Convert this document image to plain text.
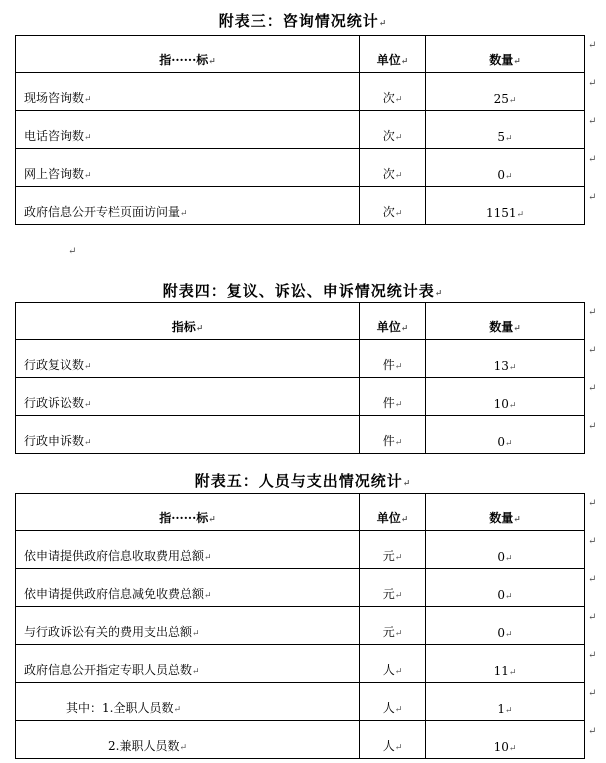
附表三：咨询情况统计↵
指······标↵	单位↵	数量↵
现场咨询数↵	次↵	25↵
电话咨询数↵	次↵	5↵
网上咨询数↵	次↵	0↵
政府信息公开专栏页面访问量↵	次↵	1151↵
↵
附表四：复议、诉讼、申诉情况统计表↵
指标↵	单位↵	数量↵
行政复议数↵	件↵	13↵
行政诉讼数↵	件↵	10↵
行政申诉数↵	件↵	0↵
附表五：人员与支出情况统计↵
指······标↵	单位↵	数量↵
依申请提供政府信息收取费用总额↵	元↵	0↵
依申请提供政府信息减免收费总额↵	元↵	0↵
与行政诉讼有关的费用支出总额↵	元↵	0↵
政府信息公开指定专职人员总数↵	人↵	11↵
其中：1.全职人员数↵	人↵	1↵
2.兼职人员数↵	人↵	10↵
↵
↵
↵
↵
↵
↵
↵
↵
↵
↵
↵
↵
↵
↵
↵
↵
